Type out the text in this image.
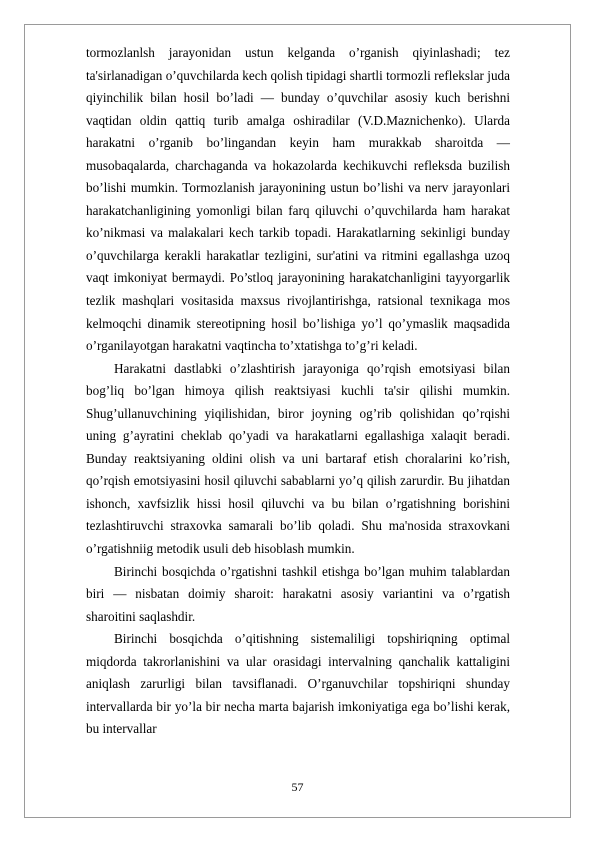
tormozlanlsh jarayonidan ustun kelganda o’rganish qiyinlashadi; tez ta'sirlanadigan o’quvchilarda kech qolish tipidagi shartli tormozli reflekslar juda qiyinchilik bilan hosil bo’ladi — bunday o’quvchilar asosiy kuch berishni vaqtidan oldin qattiq turib amalga oshiradilar (V.D.Maznichenko). Ularda harakatni o’rganib bo’lingandan keyin ham murakkab sharoitda — musobaqalarda, charchaganda va hokazolarda kechikuvchi refleksda buzilish bo’lishi mumkin. Tormozlanish jarayonining ustun bo’lishi va nerv jarayonlari harakatchanligining yomonligi bilan farq qiluvchi o’quvchilarda ham harakat ko’nikmasi va malakalari kech tarkib topadi. Harakatlarning sekinligi bunday o’quvchilarga kerakli harakatlar tezligini, sur'atini va ritmini egallashga uzoq vaqt imkoniyat bermaydi. Po’stloq jarayonining harakatchanligini tayyorgarlik tezlik mashqlari vositasida maxsus rivojlantirishga, ratsional texnikaga mos kelmoqchi dinamik stereotipning hosil bo’lishiga yo’l qo’ymaslik maqsadida o’rganilayotgan harakatni vaqtincha to’xtatishga to’g’ri keladi.

Harakatni dastlabki o’zlashtirish jarayoniga qo’rqish emotsiyasi bilan bog’liq bo’lgan himoya qilish reaktsiyasi kuchli ta'sir qilishi mumkin. Shug’ullanuvchining yiqilishidan, biror joyning og’rib qolishidan qo’rqishi uning g’ayratini cheklab qo’yadi va harakatlarni egallashiga xalaqit beradi. Bunday reaktsiyaning oldini olish va uni bartaraf etish choralarini ko’rish, qo’rqish emotsiyasini hosil qiluvchi sabablarni yo’q qilish zarurdir. Bu jihatdan ishonch, xavfsizlik hissi hosil qiluvchi va bu bilan o’rgatishning borishini tezlashtiruvchi straxovka samarali bo’lib qoladi. Shu ma'nosida straxovkani o’rgatishniig metodik usuli deb hisoblash mumkin.

Birinchi bosqichda o’rgatishni tashkil etishga bo’lgan muhim talablardan biri — nisbatan doimiy sharoit: harakatni asosiy variantini va o’rgatish sharoitini saqlashdir.

Birinchi bosqichda o’qitishning sistemaliligi topshiriqning optimal miqdorda takrorlanishini va ular orasidagi intervalning qanchalik kattaligini aniqlash zarurligi bilan tavsiflanadi. O’rganuvchilar topshiriqni shunday intervallarda bir yo’la bir necha marta bajarish imkoniyatiga ega bo’lishi kerak, bu intervallar

57
